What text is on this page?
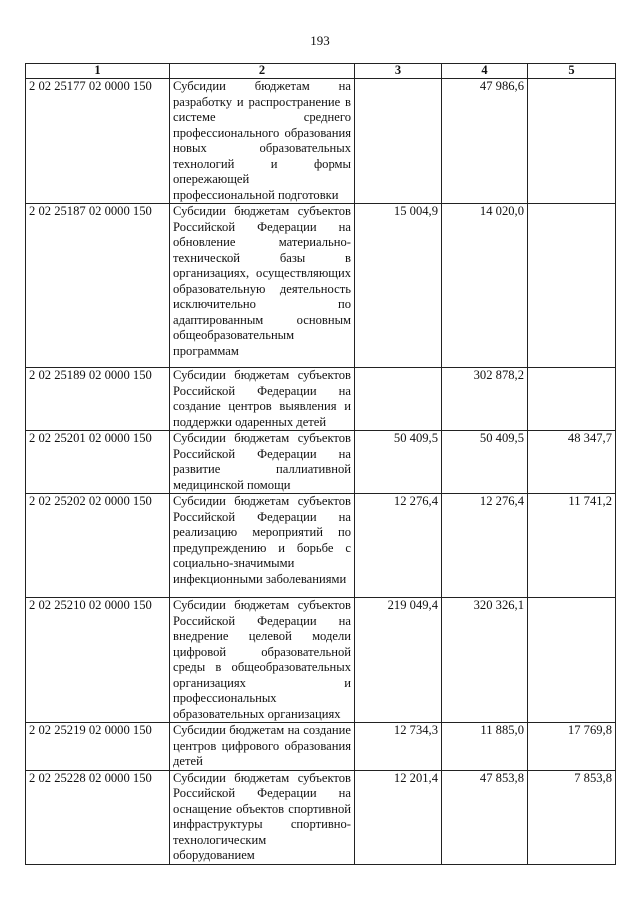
193
1	2	3	4	5
2 02 25177 02 0000 150	Субсидии бюджетам на разработку и распространение в системе среднего профессионального образования новых образовательных технологий и формы опережающей профессиональной подготовки		47 986,6	
2 02 25187 02 0000 150	Субсидии бюджетам субъектов Российской Федерации на обновление материально-технической базы в организациях, осуществляющих образовательную деятельность исключительно по адаптированным основным общеобразовательным программам	15 004,9	14 020,0	
2 02 25189 02 0000 150	Субсидии бюджетам субъектов Российской Федерации на создание центров выявления и поддержки одаренных детей		302 878,2	
2 02 25201 02 0000 150	Субсидии бюджетам субъектов Российской Федерации на развитие паллиативной медицинской помощи	50 409,5	50 409,5	48 347,7
2 02 25202 02 0000 150	Субсидии бюджетам субъектов Российской Федерации на реализацию мероприятий по предупреждению и борьбе с социально-значимыми инфекционными заболеваниями	12 276,4	12 276,4	11 741,2
2 02 25210 02 0000 150	Субсидии бюджетам субъектов Российской Федерации на внедрение целевой модели цифровой образовательной среды в общеобразовательных организациях и профессиональных образовательных организациях	219 049,4	320 326,1	
2 02 25219 02 0000 150	Субсидии бюджетам на создание центров цифрового образования детей	12 734,3	11 885,0	17 769,8
2 02 25228 02 0000 150	Субсидии бюджетам субъектов Российской Федерации на оснащение объектов спортивной инфраструктуры спортивно-технологическим оборудованием	12 201,4	47 853,8	7 853,8
